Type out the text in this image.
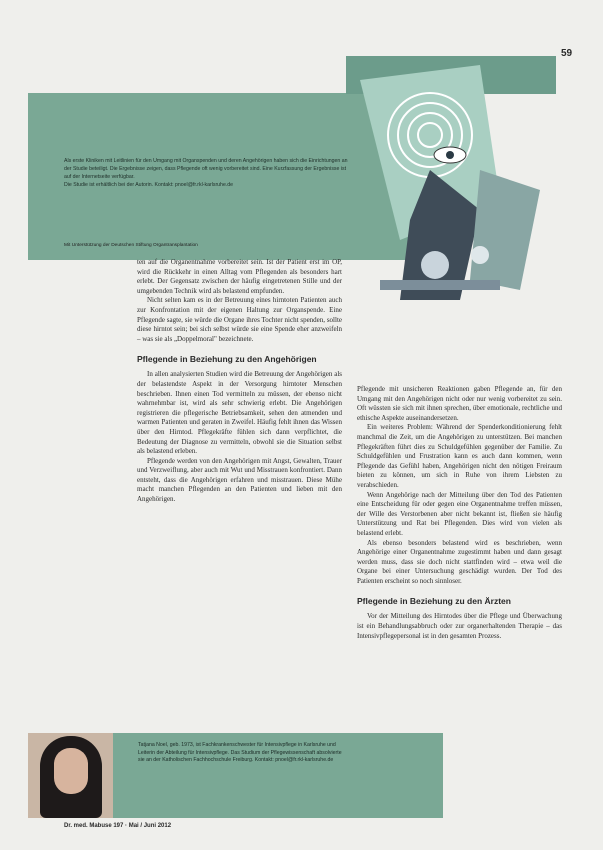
59
Als erste Kliniken mit Leitlinien für den Umgang mit Organspenden und deren Angehörigen haben sich die Einrichtungen an der Studie beteiligt. Die Ergebnisse zeigen, dass Pflegende oft wenig vorbereitet sind. Eine Kurzfassung der Ergebnisse ist auf der Internetseite verfügbar.
Die Studie ist erhältlich bei der Autorin. Kontakt: pnoel@fr.rkl-karlsruhe.de
Mit Unterstützung der Deutschen Stiftung Organtransplantation

ten auf die Organentnahme vorbereitet sein. Ist der Patient erst im OP, wird die Rückkehr in einen Alltag vom Pflegenden als besonders hart erlebt. Der Gegensatz zwischen der häufig eingetretenen Stille und der umgebenden Technik wird als belastend empfunden.

Nicht selten kam es in der Betreuung eines hirntoten Patienten auch zur Konfrontation mit der eigenen Haltung zur Organspende. Eine Pflegende sagte, sie würde die Organe ihres Tochter nicht spenden, sollte diese hirntot sein; bei sich selbst würde sie eine Spende eher anzweifeln – was sie als „Doppelmoral" bezeichnete.

Pflegende in Beziehung zu den Angehörigen

In allen analysierten Studien wird die Betreuung der Angehörigen als der belastendste Aspekt in der Versorgung hirntoter Menschen beschrieben. Ihnen einen Tod vermitteln zu müssen, der ebenso nicht wahrnehmbar ist, wird als sehr schwierig erlebt. Die Angehörigen registrieren die pflegerische Betriebsamkeit, sehen den atmenden und warmen Patienten und geraten in Zweifel. Häufig fehlt ihnen das Wissen über den Hirntod. Pflegekräfte fühlen sich dann verpflichtet, die Bedeutung der Diagnose zu vermitteln, obwohl sie die Situation selbst als belastend erleben.

Pflegende werden von den Angehörigen mit Angst, Gewalten, Trauer und Verzweiflung, aber auch mit Wut und Misstrauen konfrontiert. Dann entsteht, dass die Angehörigen erfahren und misstrauen. Diese Mühe macht manchen Pflegenden an den Patienten und lieben mit den Angehörigen.

Pflegende mit unsicheren Reaktionen gaben Pflegende an, für den Umgang mit den Angehörigen nicht oder nur wenig vorbereitet zu sein. Oft wüssten sie sich mit ihnen sprechen, über emotionale, rechtliche und ethische Aspekte auseinandersetzen.

Ein weiteres Problem: Während der Spenderkonditionierung fehlt manchmal die Zeit, um die Angehörigen zu unterstützen. Bei manchen Pflegekräften führt dies zu Schuldgefühlen gegenüber der Familie. Zu Schuldgefühlen und Frustration kann es auch dann kommen, wenn Pflegende das Gefühl haben, Angehörigen nicht den nötigen Freiraum bieten zu können, um sich in Ruhe von ihrem Liebsten zu verabschieden.

Wenn Angehörige nach der Mitteilung über den Tod des Patienten eine Entscheidung für oder gegen eine Organentnahme treffen müssen, der Wille des Verstorbenen aber nicht bekannt ist, fließen sie häufig Unterstützung und Rat bei Pflegenden. Dies wird von vielen als belastend erlebt.

Als ebenso besonders belastend wird es beschrieben, wenn Angehörige einer Organentnahme zugestimmt haben und dann gesagt werden muss, dass sie doch nicht stattfinden wird – etwa weil die Organe bei einer Untersuchung geschädigt wurden. Der Tod des Patienten erscheint so noch sinnloser.

Pflegende in Beziehung zu den Ärzten

Vor der Mitteilung des Hirntodes über die Pflege und Überwachung ist ein Behandlungsabbruch oder zur organerhaltenden Therapie – das Intensivpflegepersonal ist in den gesamten Prozess.

Tatjana Noel, geb. 1973, ist Fachkrankenschwester für Intensivpflege in Karlsruhe und Leiterin der Abteilung für Intensivpflege. Das Studium der Pflegewissenschaft absolvierte sie an der Katholischen Fachhochschule Freiburg. Kontakt: pnoel@fr.rkl-karlsruhe.de
Dr. med. Mabuse 197 · Mai / Juni 2012
